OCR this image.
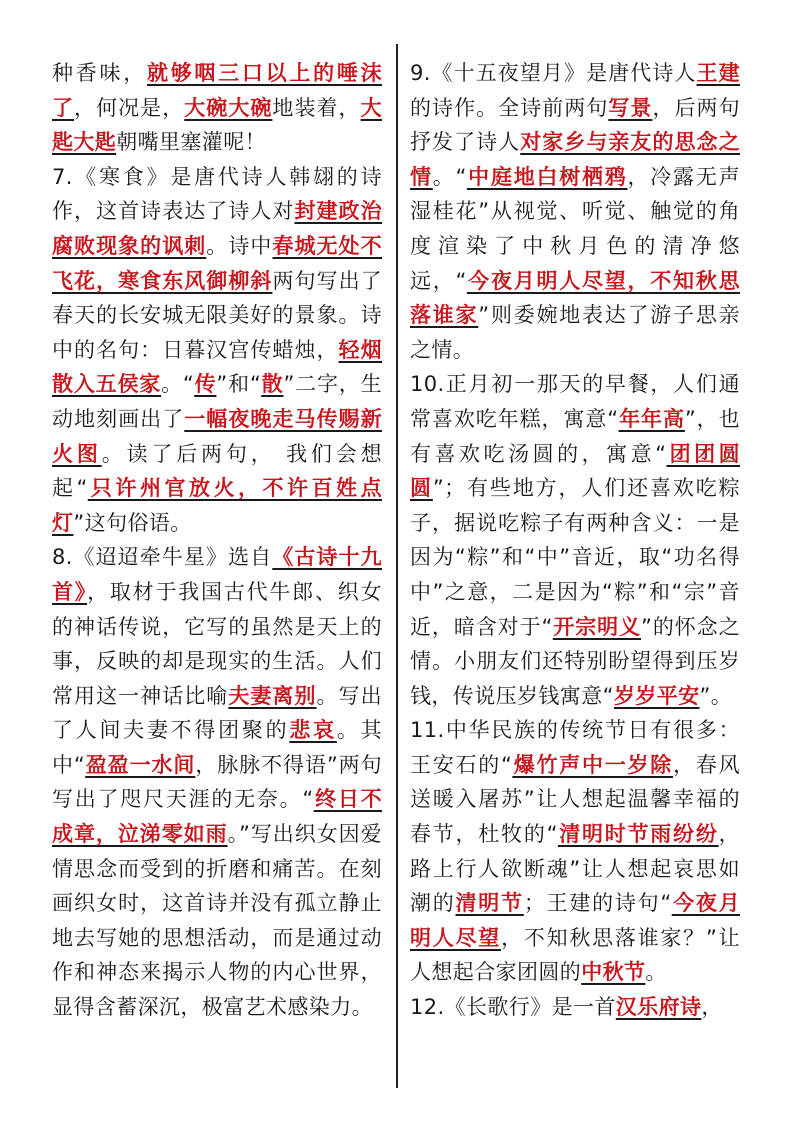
种香味，就够咽三口以上的唾沫了，何况是，大碗大碗地装着，大匙大匙朝嘴里塞灌呢！

7.《寒食》是唐代诗人韩翃的诗作，这首诗表达了诗人对封建政治腐败现象的讽刺。诗中春城无处不飞花，寒食东风御柳斜两句写出了春天的长安城无限美好的景象。诗中的名句：日暮汉宫传蜡烛，轻烟散入五侯家。“传”和“散”二字，生动地刻画出了一幅夜晚走马传赐新火图。读了后两句， 我们会想起“只许州官放火，不许百姓点灯”这句俗语。

8.《迢迢牵牛星》选自《古诗十九首》，取材于我国古代牛郎、织女的神话传说，它写的虽然是天上的事，反映的却是现实的生活。人们常用这一神话比喻夫妻离别。写出了人间夫妻不得团聚的悲哀。其中“盈盈一水间，脉脉不得语”两句写出了咫尺天涯的无奈。“终日不成章，泣涕零如雨。”写出织女因爱情思念而受到的折磨和痛苦。在刻画织女时，这首诗并没有孤立静止地去写她的思想活动，而是通过动作和神态来揭示人物的内心世界，显得含蓄深沉，极富艺术感染力。

9.《十五夜望月》是唐代诗人王建的诗作。全诗前两句写景，后两句抒发了诗人对家乡与亲友的思念之情。“中庭地白树栖鸦，冷露无声湿桂花”从视觉、听觉、触觉的角度渲染了中秋月色的清净悠远，“今夜月明人尽望，不知秋思落谁家”则委婉地表达了游子思亲之情。

10.正月初一那天的早餐，人们通常喜欢吃年糕，寓意“年年高”，也有喜欢吃汤圆的，寓意“团团圆圆”；有些地方，人们还喜欢吃粽子，据说吃粽子有两种含义：一是因为“粽”和“中”音近，取“功名得中”之意，二是因为“粽”和“宗”音近，暗含对于“开宗明义”的怀念之情。小朋友们还特别盼望得到压岁钱，传说压岁钱寓意“岁岁平安”。

11.中华民族的传统节日有很多：王安石的“爆竹声中一岁除，春风送暖入屠苏”让人想起温馨幸福的春节，杜牧的“清明时节雨纷纷，路上行人欲断魂”让人想起哀思如潮的清明节；王建的诗句“今夜月明人尽望，不知秋思落谁家？”让人想起合家团圆的中秋节。

12.《长歌行》是一首汉乐府诗，
